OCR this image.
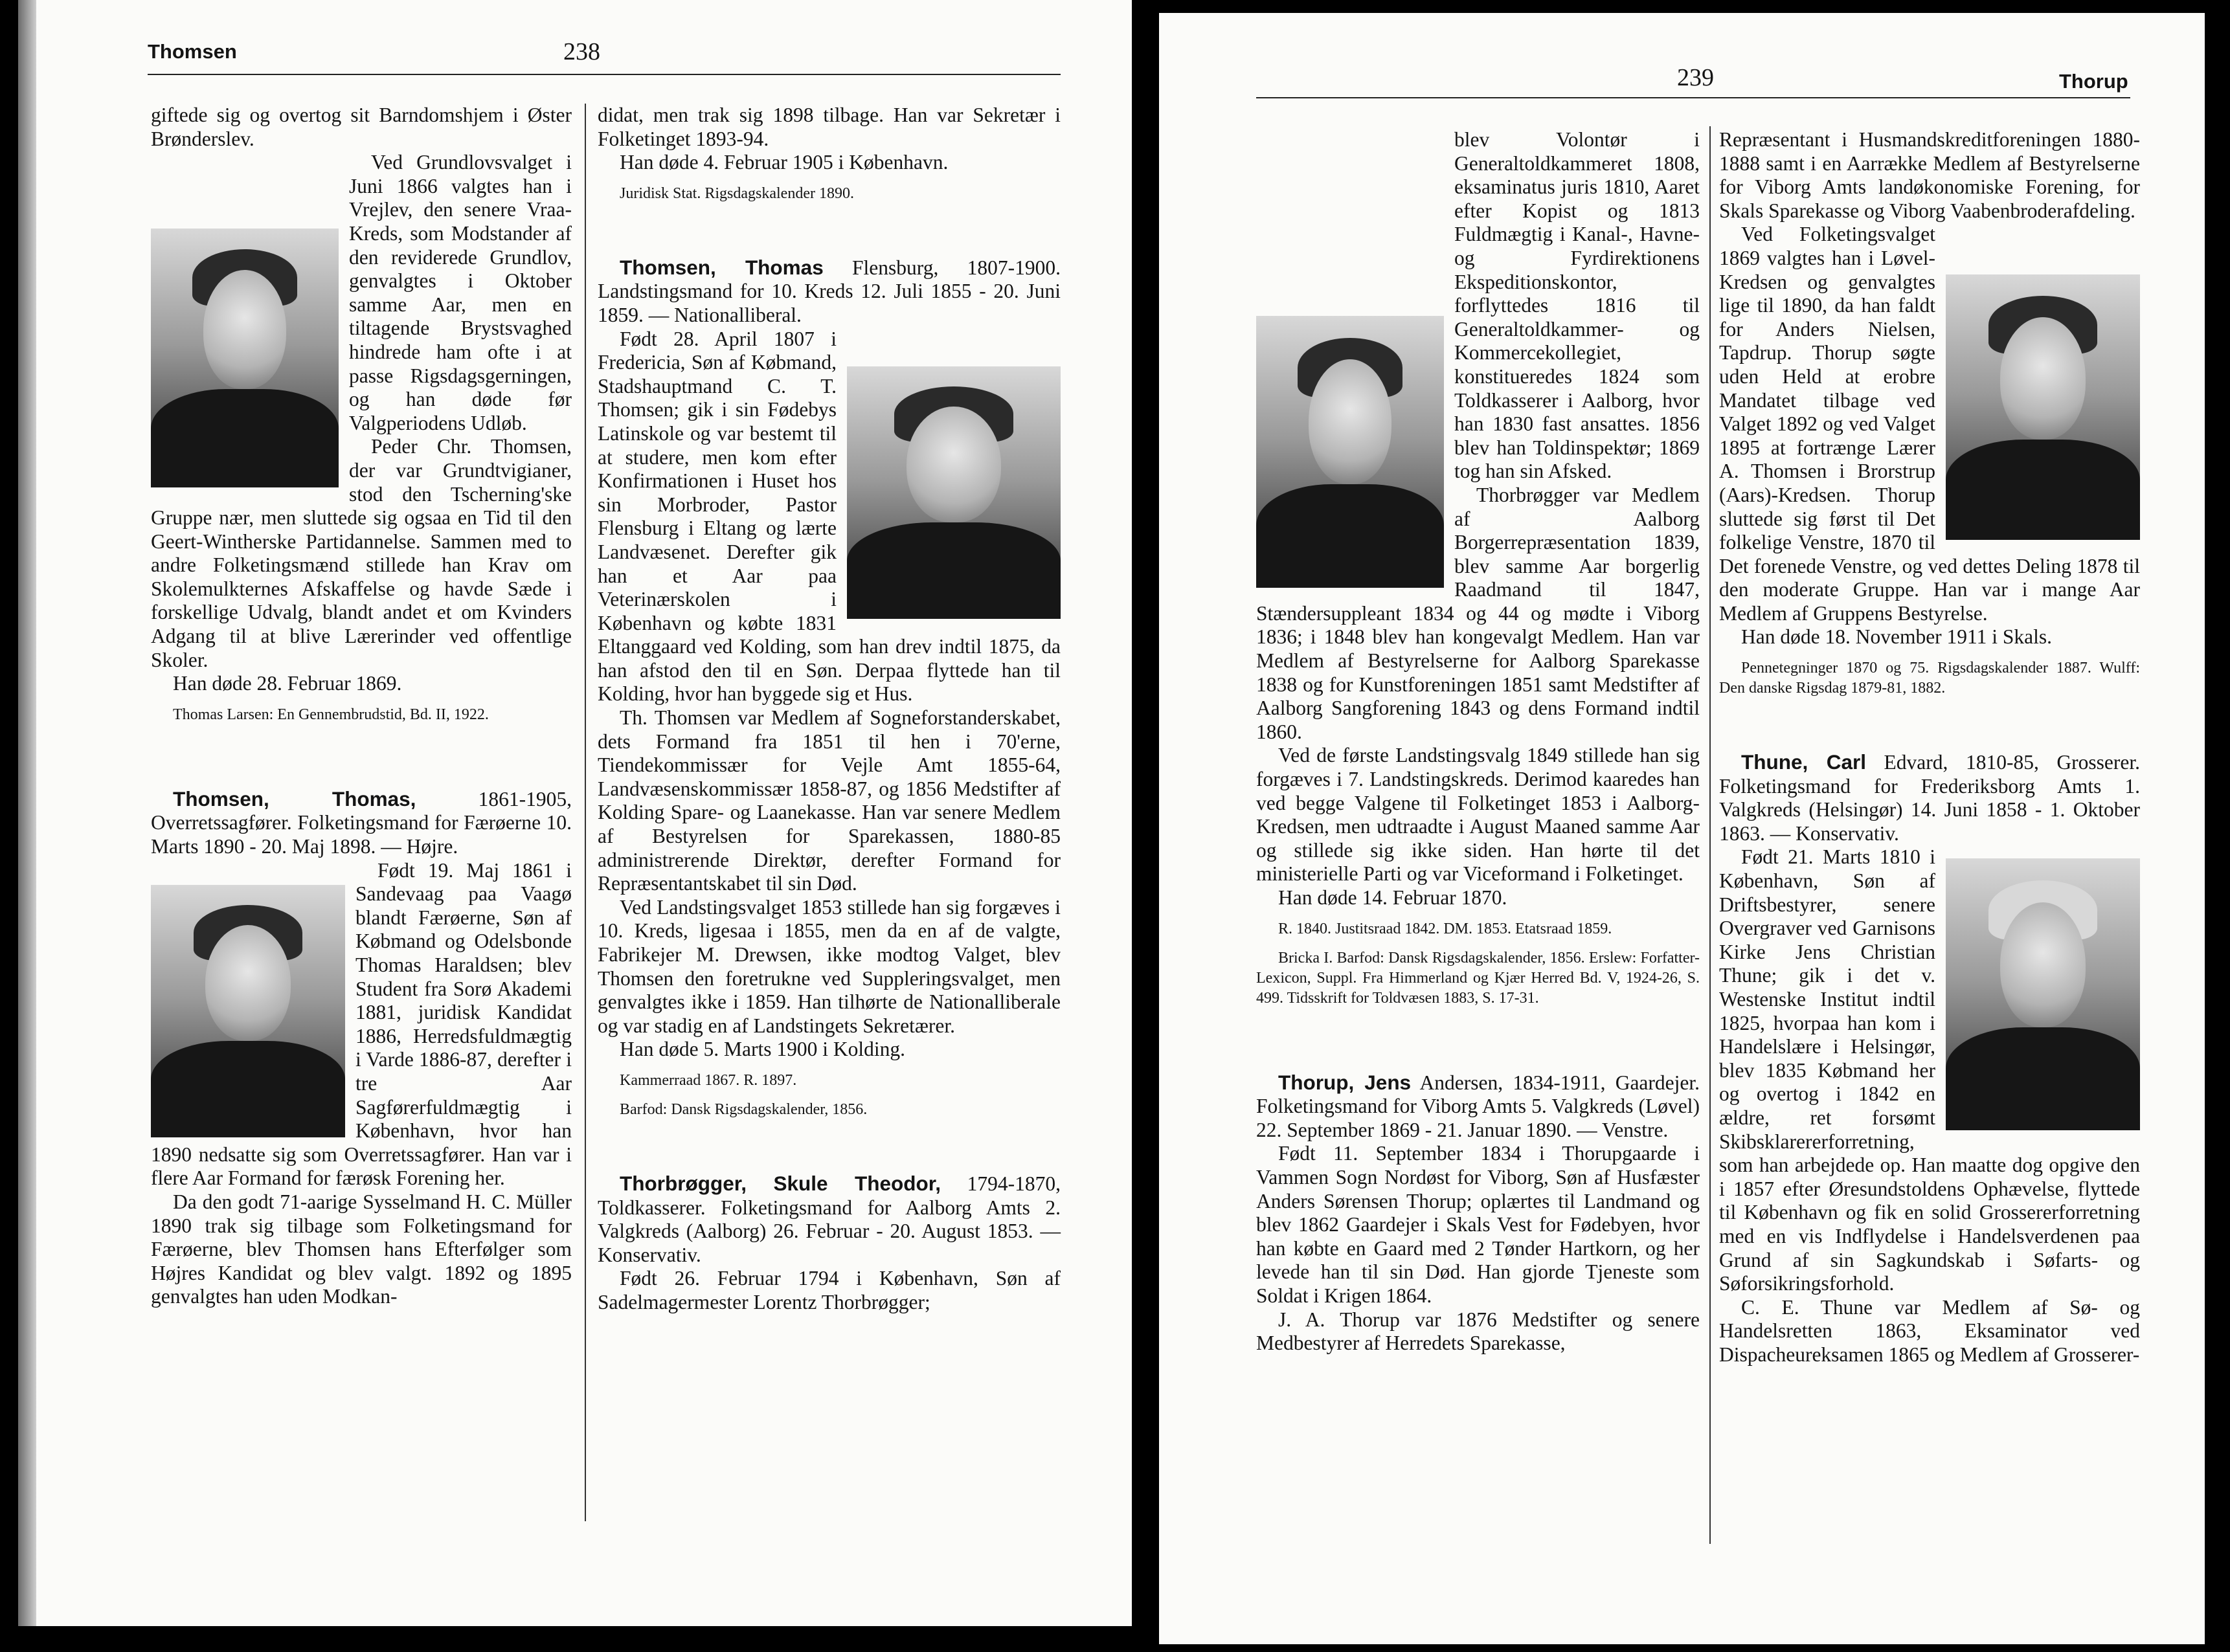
Thomsen	238

giftede sig og overtog sit Barndomshjem i Øster Brønderslev.

Ved Grundlovsvalget i Juni 1866 valgtes han i Vrejlev, den senere Vraa-Kreds, som Modstander af den reviderede Grundlov, genvalgtes i Oktober samme Aar, men en tiltagende Brystsvaghed hindrede ham ofte i at passe Rigsdagsgerningen, og han døde før Valgperiodens Udløb.

Peder Chr. Thomsen, der var Grundtvigianer, stod den Tscherning'ske Gruppe nær, men sluttede sig ogsaa en Tid til den Geert-Wintherske Partidannelse. Sammen med to andre Folketingsmænd stillede han Krav om Skolemulkternes Afskaffelse og havde Sæde i forskellige Udvalg, blandt andet et om Kvinders Adgang til at blive Lærerinder ved offentlige Skoler.

Han døde 28. Februar 1869.

Thomas Larsen: En Gennembrudstid, Bd. II, 1922.

Thomsen, Thomas, 1861-1905, Overretssagfører. Folketingsmand for Færøerne 10. Marts 1890 - 20. Maj 1898. — Højre.

Født 19. Maj 1861 i Sandevaag paa Vaagø blandt Færøerne, Søn af Købmand og Odelsbonde Thomas Haraldsen; blev Student fra Sorø Akademi 1881, juridisk Kandidat 1886, Herredsfuldmægtig i Varde 1886-87, derefter i tre Aar Sagførerfuldmægtig i København, hvor han 1890 nedsatte sig som Overretssagfører. Han var i flere Aar Formand for færøsk Forening her.

Da den godt 71-aarige Sysselmand H. C. Müller 1890 trak sig tilbage som Folketingsmand for Færøerne, blev Thomsen hans Efterfølger som Højres Kandidat og blev valgt. 1892 og 1895 genvalgtes han uden Modkan-

didat, men trak sig 1898 tilbage. Han var Sekretær i Folketinget 1893-94.

Han døde 4. Februar 1905 i København.

Juridisk Stat. Rigsdagskalender 1890.

Thomsen, Thomas Flensburg, 1807-1900. Landstingsmand for 10. Kreds 12. Juli 1855 - 20. Juni 1859. — Nationalliberal.

Født 28. April 1807 i Fredericia, Søn af Købmand, Stadshauptmand C. T. Thomsen; gik i sin Fødebys Latinskole og var bestemt til at studere, men kom efter Konfirmationen i Huset hos sin Morbroder, Pastor Flensburg i Eltang og lærte Landvæsenet. Derefter gik han et Aar paa Veterinærskolen i København og købte 1831 Eltanggaard ved Kolding, som han drev indtil 1875, da han afstod den til en Søn. Derpaa flyttede han til Kolding, hvor han byggede sig et Hus.

Th. Thomsen var Medlem af Sogneforstanderskabet, dets Formand fra 1851 til hen i 70'erne, Tiendekommissær for Vejle Amt 1855-64, Landvæsenskommissær 1858-87, og 1856 Medstifter af Kolding Spare- og Laanekasse. Han var senere Medlem af Bestyrelsen for Sparekassen, 1880-85 administrerende Direktør, derefter Formand for Repræsentantskabet til sin Død.

Ved Landstingsvalget 1853 stillede han sig forgæves i 10. Kreds, ligesaa i 1855, men da en af de valgte, Fabrikejer M. Drewsen, ikke modtog Valget, blev Thomsen den foretrukne ved Suppleringsvalget, men genvalgtes ikke i 1859. Han tilhørte de Nationalliberale og var stadig en af Landstingets Sekretærer.

Han døde 5. Marts 1900 i Kolding.

Kammerraad 1867. R. 1897.

Barfod: Dansk Rigsdagskalender, 1856.

Thorbrøgger, Skule Theodor, 1794-1870, Toldkasserer. Folketingsmand for Aalborg Amts 2. Valgkreds (Aalborg) 26. Februar - 20. August 1853. — Konservativ.

Født 26. Februar 1794 i København, Søn af Sadelmagermester Lorentz Thorbrøgger;

239	Thorup

blev Volontør i Generaltoldkammeret 1808, eksaminatus juris 1810, Aaret efter Kopist og 1813 Fuldmægtig i Kanal-, Havne- og Fyrdirektionens Ekspeditionskontor, forflyttedes 1816 til Generaltoldkammer- og Kommercekollegiet, konstitueredes 1824 som Toldkasserer i Aalborg, hvor han 1830 fast ansattes. 1856 blev han Toldinspektør; 1869 tog han sin Afsked.

Thorbrøgger var Medlem af Aalborg Borgerrepræsentation 1839, blev samme Aar borgerlig Raadmand til 1847, Stændersuppleant 1834 og 44 og mødte i Viborg 1836; i 1848 blev han kongevalgt Medlem. Han var Medlem af Bestyrelserne for Aalborg Sparekasse 1838 og for Kunstforeningen 1851 samt Medstifter af Aalborg Sangforening 1843 og dens Formand indtil 1860.

Ved de første Landstingsvalg 1849 stillede han sig forgæves i 7. Landstingskreds. Derimod kaaredes han ved begge Valgene til Folketinget 1853 i Aalborg-Kredsen, men udtraadte i August Maaned samme Aar og stillede sig ikke siden. Han hørte til det ministerielle Parti og var Viceformand i Folketinget.

Han døde 14. Februar 1870.

R. 1840. Justitsraad 1842. DM. 1853. Etatsraad 1859.

Bricka I. Barfod: Dansk Rigsdagskalender, 1856. Erslew: Forfatter-Lexicon, Suppl. Fra Himmerland og Kjær Herred Bd. V, 1924-26, S. 499. Tidsskrift for Toldvæsen 1883, S. 17-31.

Thorup, Jens Andersen, 1834-1911, Gaardejer. Folketingsmand for Viborg Amts 5. Valgkreds (Løvel) 22. September 1869 - 21. Januar 1890. — Venstre.

Født 11. September 1834 i Thorupgaarde i Vammen Sogn Nordøst for Viborg, Søn af Husfæster Anders Sørensen Thorup; oplærtes til Landmand og blev 1862 Gaardejer i Skals Vest for Fødebyen, hvor han købte en Gaard med 2 Tønder Hartkorn, og her levede han til sin Død. Han gjorde Tjeneste som Soldat i Krigen 1864.

J. A. Thorup var 1876 Medstifter og senere Medbestyrer af Herredets Sparekasse,

Repræsentant i Husmandskreditforeningen 1880-1888 samt i en Aarrække Medlem af Bestyrelserne for Viborg Amts landøkonomiske Forening, for Skals Sparekasse og Viborg Vaabenbroderafdeling.

Ved Folketingsvalget 1869 valgtes han i Løvel-Kredsen og genvalgtes lige til 1890, da han faldt for Anders Nielsen, Tapdrup. Thorup søgte uden Held at erobre Mandatet tilbage ved Valget 1892 og ved Valget 1895 at fortrænge Lærer A. Thomsen i Brorstrup (Aars)-Kredsen. Thorup sluttede sig først til Det folkelige Venstre, 1870 til Det forenede Venstre, og ved dettes Deling 1878 til den moderate Gruppe. Han var i mange Aar Medlem af Gruppens Bestyrelse.

Han døde 18. November 1911 i Skals.

Pennetegninger 1870 og 75. Rigsdagskalender 1887. Wulff: Den danske Rigsdag 1879-81, 1882.

Thune, Carl Edvard, 1810-85, Grosserer. Folketingsmand for Frederiksborg Amts 1. Valgkreds (Helsingør) 14. Juni 1858 - 1. Oktober 1863. — Konservativ.

Født 21. Marts 1810 i København, Søn af Driftsbestyrer, senere Overgraver ved Garnisons Kirke Jens Christian Thune; gik i det v. Westenske Institut indtil 1825, hvorpaa han kom i Handelslære i Helsingør, blev 1835 Købmand her og overtog i 1842 en ældre, ret forsømt Skibsklarererforretning, som han arbejdede op. Han maatte dog opgive den i 1857 efter Øresundstoldens Ophævelse, flyttede til København og fik en solid Grossererforretning med en vis Indflydelse i Handelsverdenen paa Grund af sin Sagkundskab i Søfarts- og Søforsikringsforhold.

C. E. Thune var Medlem af Sø- og Handelsretten 1863, Eksaminator ved Dispacheureksamen 1865 og Medlem af Grosserer-
